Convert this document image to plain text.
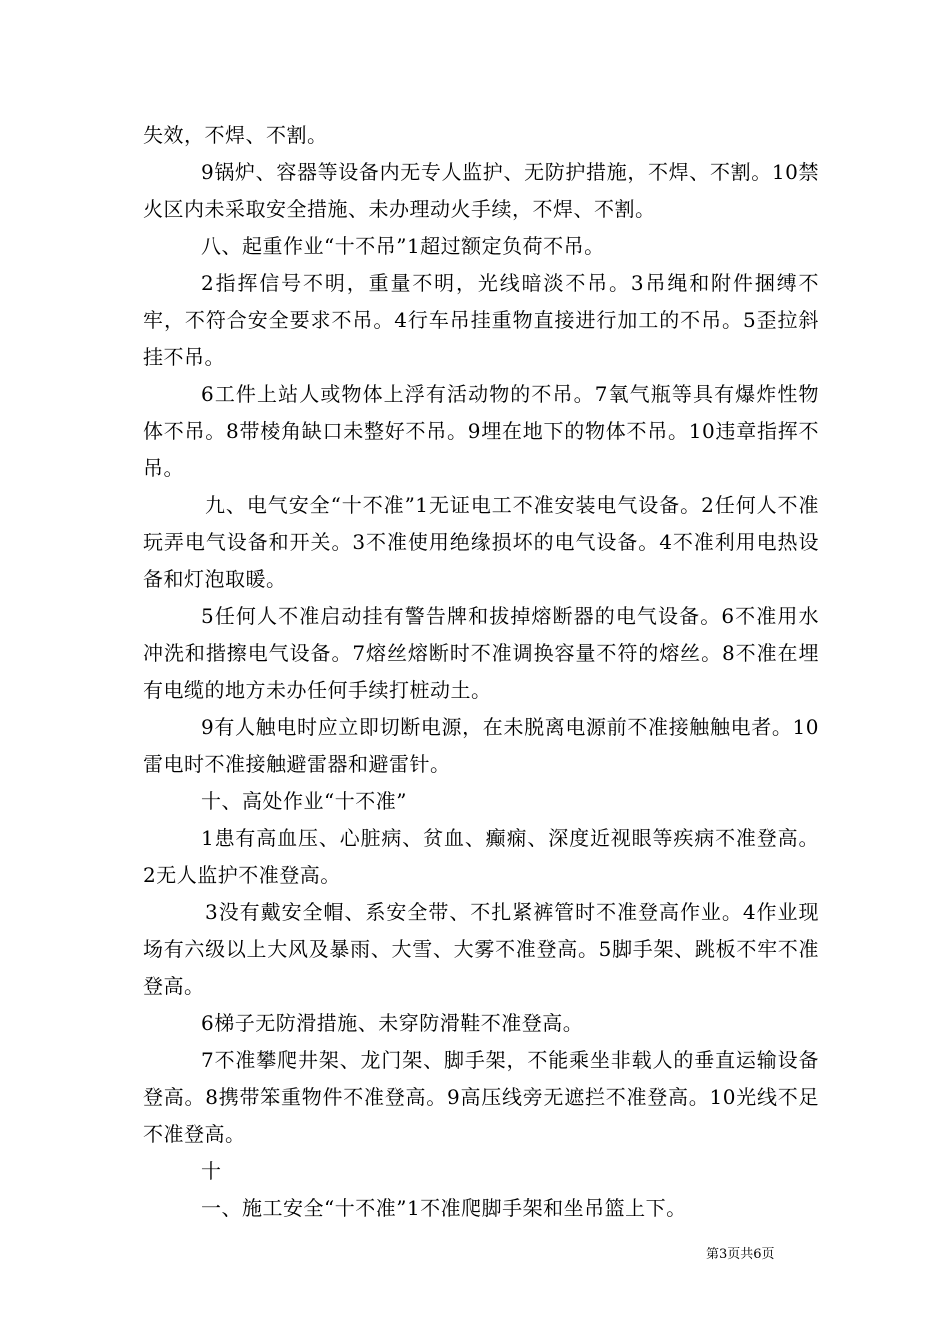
失效，不焊、不割。

9锅炉、容器等设备内无专人监护、无防护措施，不焊、不割。10禁火区内未采取安全措施、未办理动火手续，不焊、不割。

八、起重作业“十不吊”1超过额定负荷不吊。

2指挥信号不明，重量不明，光线暗淡不吊。3吊绳和附件捆缚不牢，不符合安全要求不吊。4行车吊挂重物直接进行加工的不吊。5歪拉斜挂不吊。

6工件上站人或物体上浮有活动物的不吊。7氧气瓶等具有爆炸性物体不吊。8带棱角缺口未整好不吊。9埋在地下的物体不吊。10违章指挥不吊。

九、电气安全“十不准”1无证电工不准安装电气设备。2任何人不准玩弄电气设备和开关。3不准使用绝缘损坏的电气设备。4不准利用电热设备和灯泡取暖。

5任何人不准启动挂有警告牌和拔掉熔断器的电气设备。6不准用水冲洗和揩擦电气设备。7熔丝熔断时不准调换容量不符的熔丝。8不准在埋有电缆的地方未办任何手续打桩动土。

9有人触电时应立即切断电源，在未脱离电源前不准接触触电者。10雷电时不准接触避雷器和避雷针。

十、高处作业“十不准”

1患有高血压、心脏病、贫血、癫痫、深度近视眼等疾病不准登高。2无人监护不准登高。

3没有戴安全帽、系安全带、不扎紧裤管时不准登高作业。4作业现场有六级以上大风及暴雨、大雪、大雾不准登高。5脚手架、跳板不牢不准登高。

6梯子无防滑措施、未穿防滑鞋不准登高。

7不准攀爬井架、龙门架、脚手架，不能乘坐非载人的垂直运输设备登高。8携带笨重物件不准登高。9高压线旁无遮拦不准登高。10光线不足不准登高。

十

一、施工安全“十不准”1不准爬脚手架和坐吊篮上下。

第3页共6页
